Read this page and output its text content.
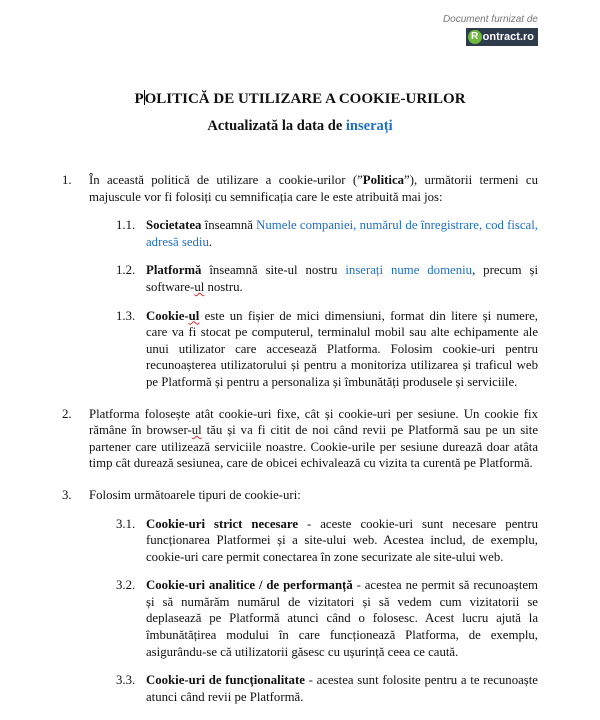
Document furnizat de
R ontract.ro
POLITICĂ DE UTILIZARE A COOKIE-URILOR
Actualizată la data de inserați
1. În această politică de utilizare a cookie-urilor (”Politica”), următorii termeni cu majuscule vor fi folosiți cu semnificația care le este atribuită mai jos:
1.1. Societatea înseamnă Numele companiei, numărul de înregistrare, cod fiscal, adresă sediu.
1.2. Platformă înseamnă site-ul nostru inserați nume domeniu, precum și software-ul nostru.
1.3. Cookie-ul este un fișier de mici dimensiuni, format din litere și numere, care va fi stocat pe computerul, terminalul mobil sau alte echipamente ale unui utilizator care accesează Platforma. Folosim cookie-uri pentru recunoașterea utilizatorului și pentru a monitoriza utilizarea și traficul web pe Platformă și pentru a personaliza și îmbunătăți produsele și serviciile.
2. Platforma folosește atât cookie-uri fixe, cât și cookie-uri per sesiune. Un cookie fix rămâne în browser-ul tău și va fi citit de noi când revii pe Platformă sau pe un site partener care utilizează serviciile noastre. Cookie-urile per sesiune durează doar atâta timp cât durează sesiunea, care de obicei echivalează cu vizita ta curentă pe Platformă.
3. Folosim următoarele tipuri de cookie-uri:
3.1. Cookie-uri strict necesare - aceste cookie-uri sunt necesare pentru funcționarea Platformei și a site-ului web. Acestea includ, de exemplu, cookie-uri care permit conectarea în zone securizate ale site-ului web.
3.2. Cookie-uri analitice / de performanță - acestea ne permit să recunoaștem și să numărăm numărul de vizitatori și să vedem cum vizitatorii se deplasează pe Platformă atunci când o folosesc. Acest lucru ajută la îmbunătățirea modului în care funcționează Platforma, de exemplu, asigurându-se că utilizatorii găsesc cu ușurință ceea ce caută.
3.3. Cookie-uri de funcționalitate - acestea sunt folosite pentru a te recunoaște atunci când revii pe Platformă.
